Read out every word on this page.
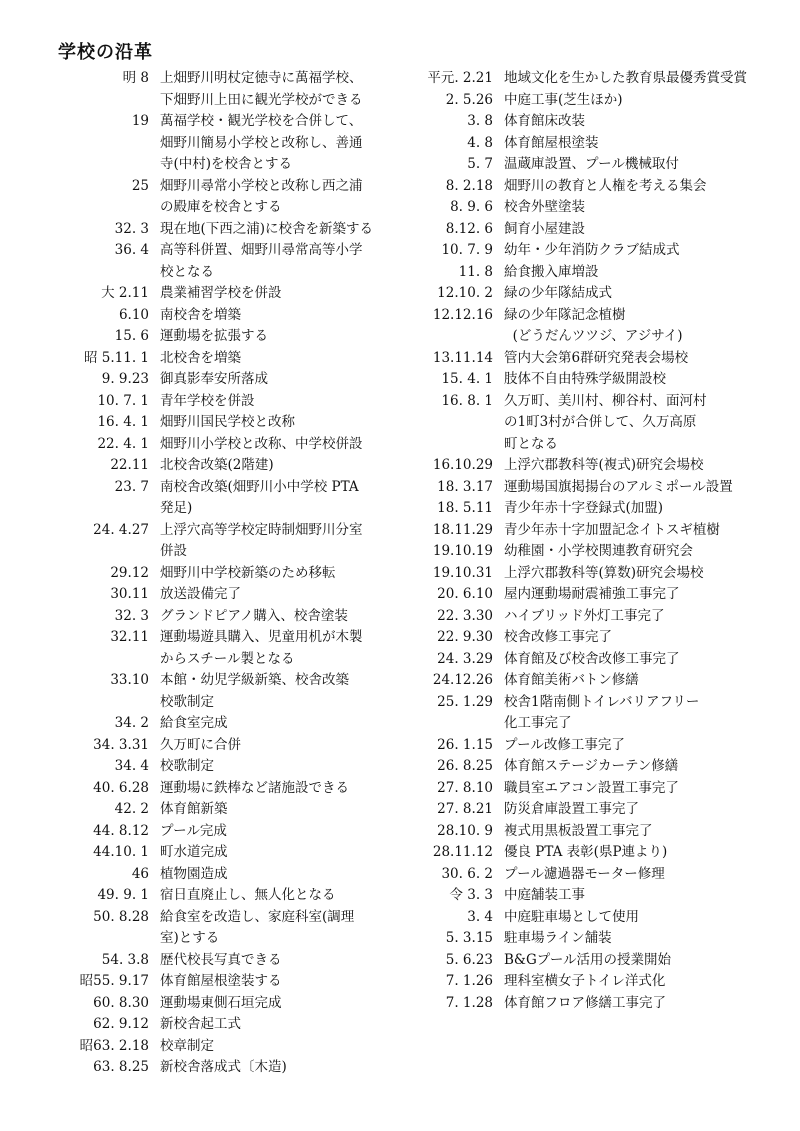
学校の沿革
明 8 上畑野川明杖定徳寺に萬福学校、
下畑野川上田に観光学校ができる
19 萬福学校・観光学校を合併して、
畑野川簡易小学校と改称し、善通
寺(中村)を校舎とする
25 畑野川尋常小学校と改称し西之浦
の殿庫を校舎とする
32. 3 現在地(下西之浦)に校舎を新築する
36. 4 高等科併置、畑野川尋常高等小学
校となる
大 2.11 農業補習学校を併設
6.10 南校舎を増築
15. 6 運動場を拡張する
昭 5.11. 1 北校舎を増築
9. 9.23 御真影奉安所落成
10. 7. 1 青年学校を併設
16. 4. 1 畑野川国民学校と改称
22. 4. 1 畑野川小学校と改称、中学校併設
22.11 北校舎改築(2階建)
23. 7 南校舎改築(畑野川小中学校 PTA
発足)
24. 4.27 上浮穴高等学校定時制畑野川分室
併設
29.12 畑野川中学校新築のため移転
30.11 放送設備完了
32. 3 グランドピアノ購入、校舎塗装
32.11 運動場遊具購入、児童用机が木製
からスチール製となる
33.10 本館・幼児学級新築、校舎改築
校歌制定
34. 2 給食室完成
34. 3.31 久万町に合併
34. 4 校歌制定
40. 6.28 運動場に鉄棒など諸施設できる
42. 2 体育館新築
44. 8.12 プール完成
44.10. 1 町水道完成
46 植物園造成
49. 9. 1 宿日直廃止し、無人化となる
50. 8.28 給食室を改造し、家庭科室(調理
室)とする
54. 3.8 歴代校長写真できる
昭55. 9.17 体育館屋根塗装する
60. 8.30 運動場東側石垣完成
62. 9.12 新校舎起工式
昭63. 2.18 校章制定
63. 8.25 新校舎落成式〔木造)
平元. 2.21 地域文化を生かした教育県最優秀賞受賞
2. 5.26 中庭工事(芝生ほか)
3. 8 体育館床改装
4. 8 体育館屋根塗装
5. 7 温蔵庫設置、プール機械取付
8. 2.18 畑野川の教育と人権を考える集会
8. 9. 6 校舎外壁塗装
8.12. 6 飼育小屋建設
10. 7. 9 幼年・少年消防クラブ結成式
11. 8 給食搬入庫増設
12.10. 2 緑の少年隊結成式
12.12.16 緑の少年隊記念植樹
(どうだんツツジ、アジサイ)
13.11.14 管内大会第6群研究発表会場校
15. 4. 1 肢体不自由特殊学級開設校
16. 8. 1 久万町、美川村、柳谷村、面河村
の1町3村が合併して、久万高原
町となる
16.10.29 上浮穴郡教科等(複式)研究会場校
18. 3.17 運動場国旗掲揚台のアルミポール設置
18. 5.11 青少年赤十字登録式(加盟)
18.11.29 青少年赤十字加盟記念イトスギ植樹
19.10.19 幼稚園・小学校関連教育研究会
19.10.31 上浮穴郡教科等(算数)研究会場校
20. 6.10 屋内運動場耐震補強工事完了
22. 3.30 ハイブリッド外灯工事完了
22. 9.30 校舎改修工事完了
24. 3.29 体育館及び校舎改修工事完了
24.12.26 体育館美術バトン修繕
25. 1.29 校舎1階南側トイレバリアフリー
化工事完了
26. 1.15 プール改修工事完了
26. 8.25 体育館ステージカーテン修繕
27. 8.10 職員室エアコン設置工事完了
27. 8.21 防災倉庫設置工事完了
28.10. 9 複式用黒板設置工事完了
28.11.12 優良 PTA 表彰(県P連より)
30. 6. 2 プール濾過器モーター修理
令 3. 3 中庭舗装工事
3. 4 中庭駐車場として使用
5. 3.15 駐車場ライン舗装
5. 6.23 B&Gプール活用の授業開始
7. 1.26 理科室横女子トイレ洋式化
7. 1.28 体育館フロア修繕工事完了
